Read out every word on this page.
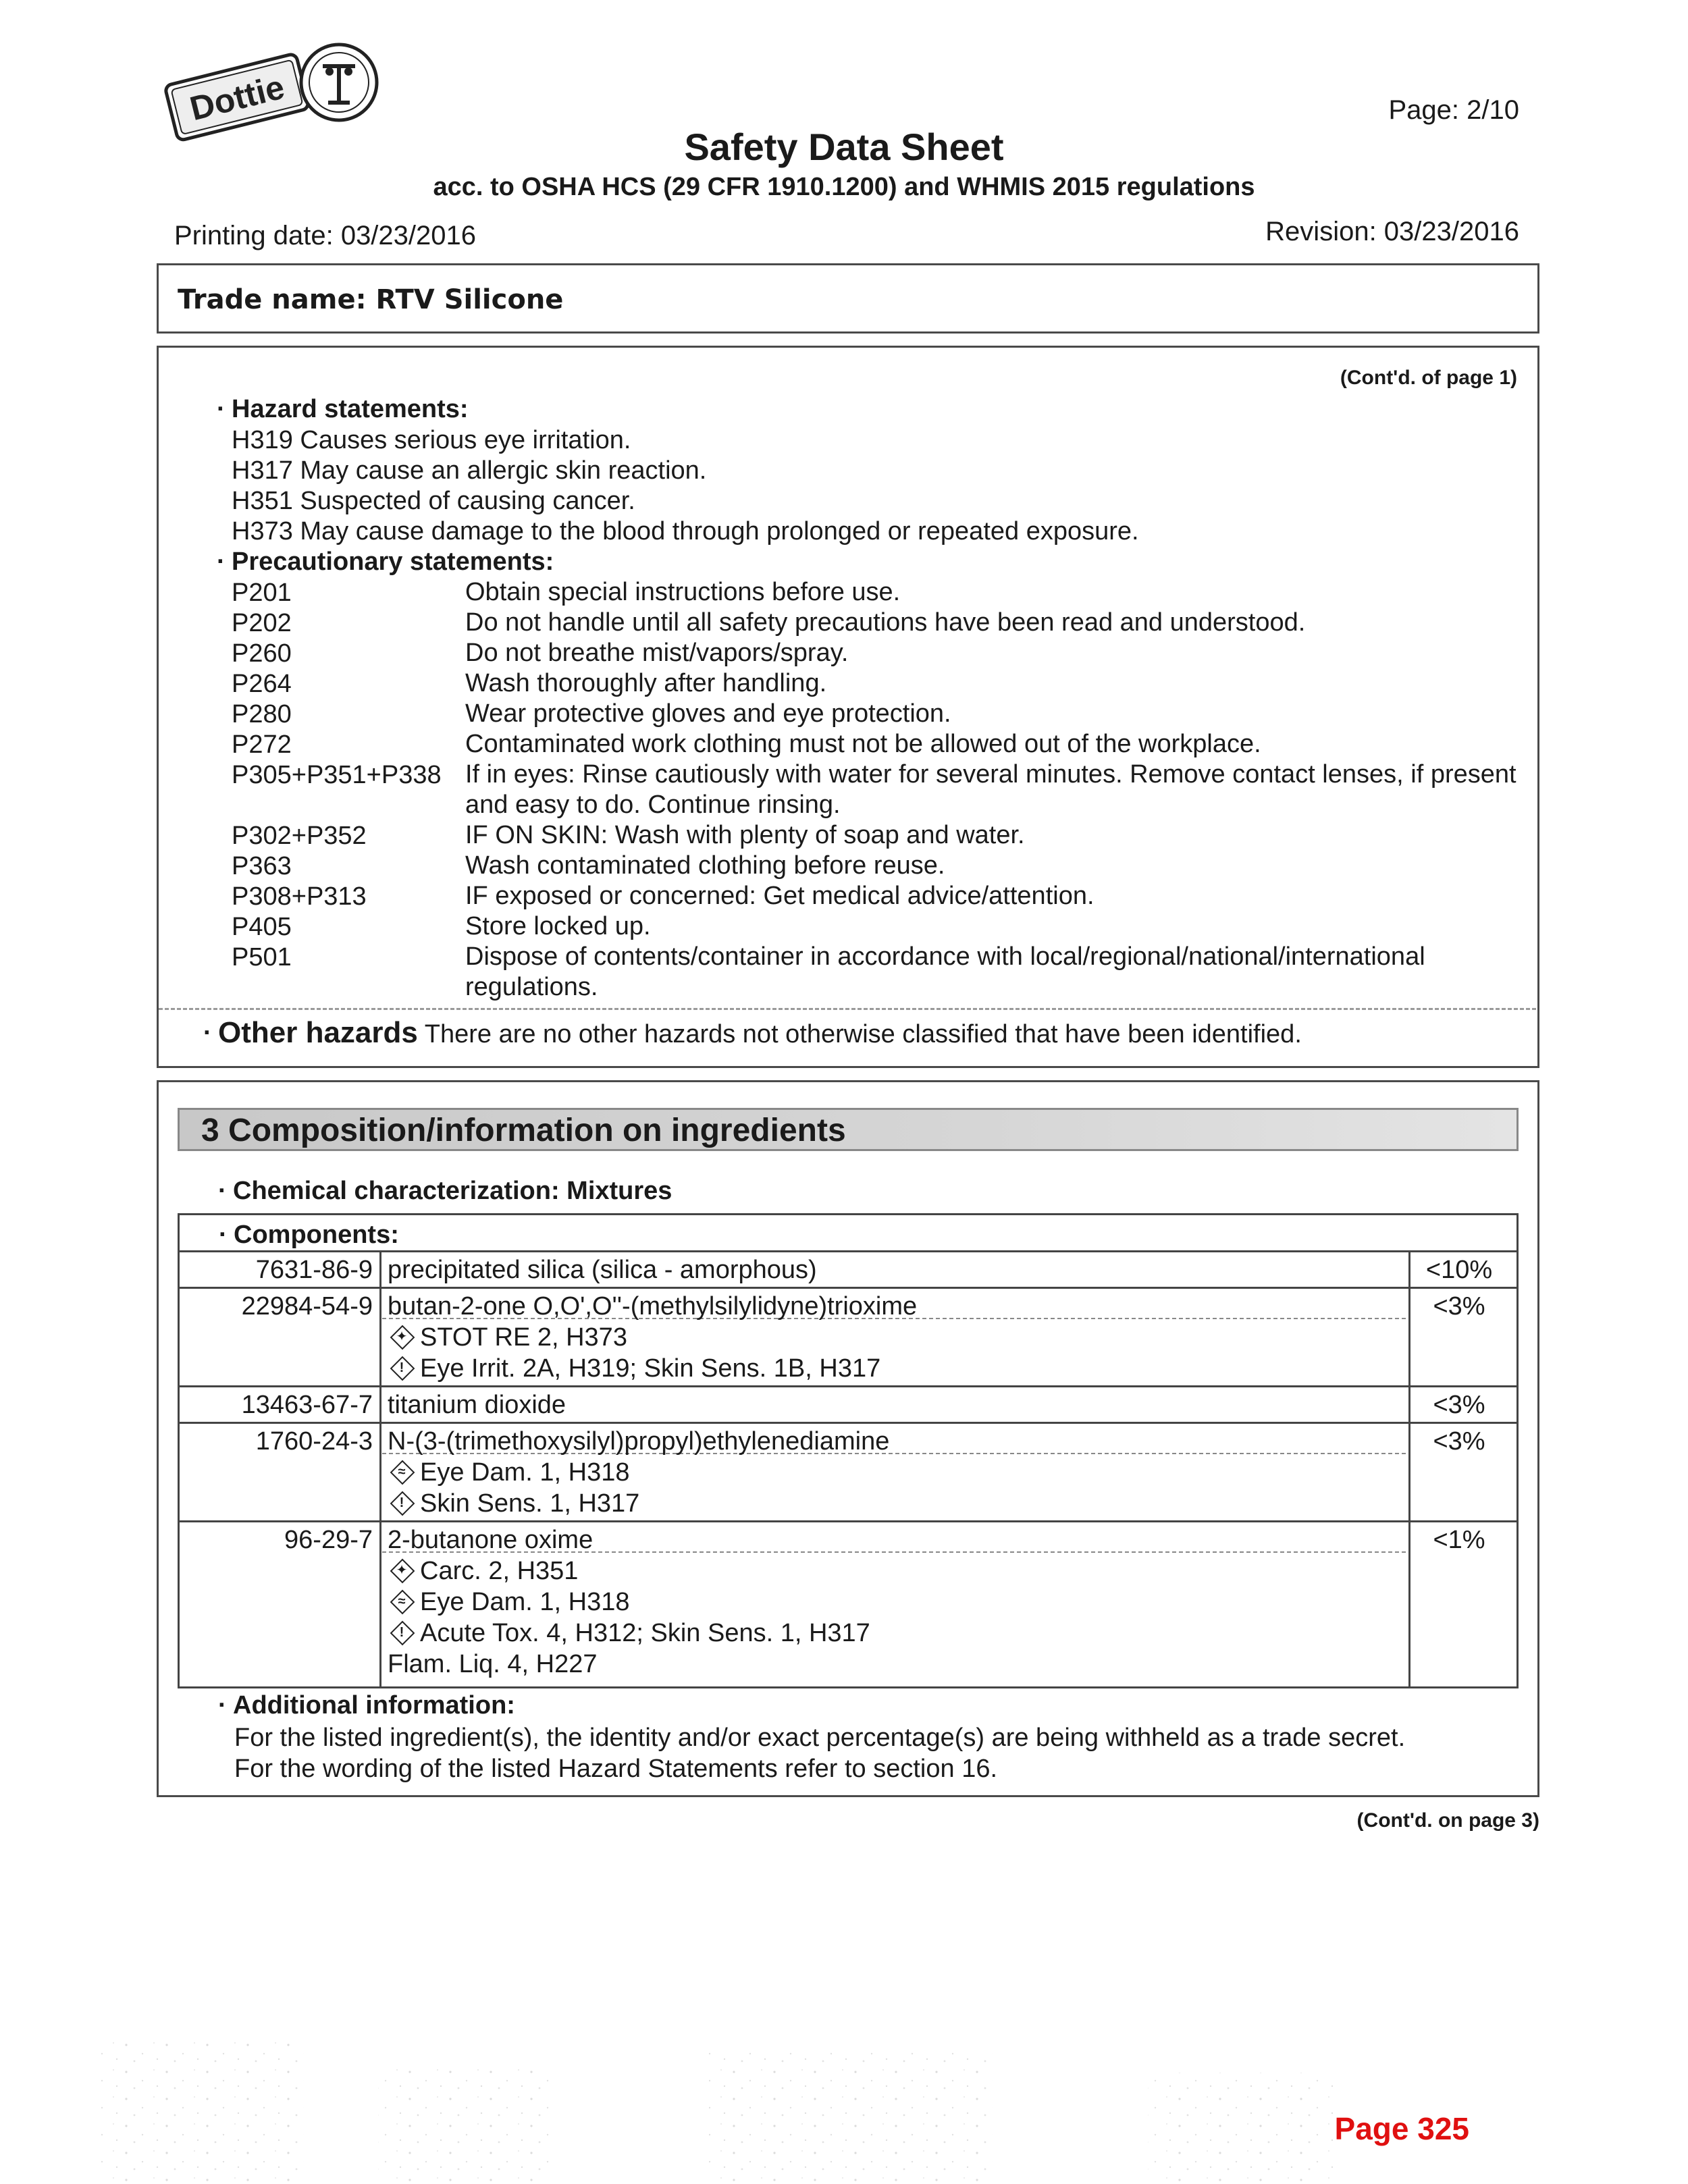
Dottie	Page: 2/10
Safety Data Sheet
acc. to OSHA HCS (29 CFR 1910.1200) and WHMIS 2015 regulations
Printing date: 03/23/2016	Revision: 03/23/2016
Trade name: RTV Silicone
(Cont'd. of page 1)
· Hazard statements:
H319 Causes serious eye irritation.
H317 May cause an allergic skin reaction.
H351 Suspected of causing cancer.
H373 May cause damage to the blood through prolonged or repeated exposure.
· Precautionary statements:
P201	Obtain special instructions before use.
P202	Do not handle until all safety precautions have been read and understood.
P260	Do not breathe mist/vapors/spray.
P264	Wash thoroughly after handling.
P280	Wear protective gloves and eye protection.
P272	Contaminated work clothing must not be allowed out of the workplace.
P305+P351+P338 If in eyes: Rinse cautiously with water for several minutes. Remove contact lenses, if present and easy to do. Continue rinsing.
P302+P352	IF ON SKIN: Wash with plenty of soap and water.
P363	Wash contaminated clothing before reuse.
P308+P313	IF exposed or concerned: Get medical advice/attention.
P405	Store locked up.
P501	Dispose of contents/container in accordance with local/regional/national/international regulations.
· Other hazards There are no other hazards not otherwise classified that have been identified.
3 Composition/information on ingredients
· Chemical characterization: Mixtures
· Components:
7631-86-9 precipitated silica (silica - amorphous)	<10%
22984-54-9 butan-2-one O,O',O''-(methylsilylidyne)trioxime	<3%
✦ STOT RE 2, H373
! Eye Irrit. 2A, H319; Skin Sens. 1B, H317
13463-67-7 titanium dioxide	<3%
1760-24-3 N-(3-(trimethoxysilyl)propyl)ethylenediamine	<3%
≈ Eye Dam. 1, H318
! Skin Sens. 1, H317
96-29-7 2-butanone oxime	<1%
✦ Carc. 2, H351
≈ Eye Dam. 1, H318
! Acute Tox. 4, H312; Skin Sens. 1, H317
Flam. Liq. 4, H227
· Additional information:
For the listed ingredient(s), the identity and/or exact percentage(s) are being withheld as a trade secret.
For the wording of the listed Hazard Statements refer to section 16.
(Cont'd. on page 3)
Page 325
